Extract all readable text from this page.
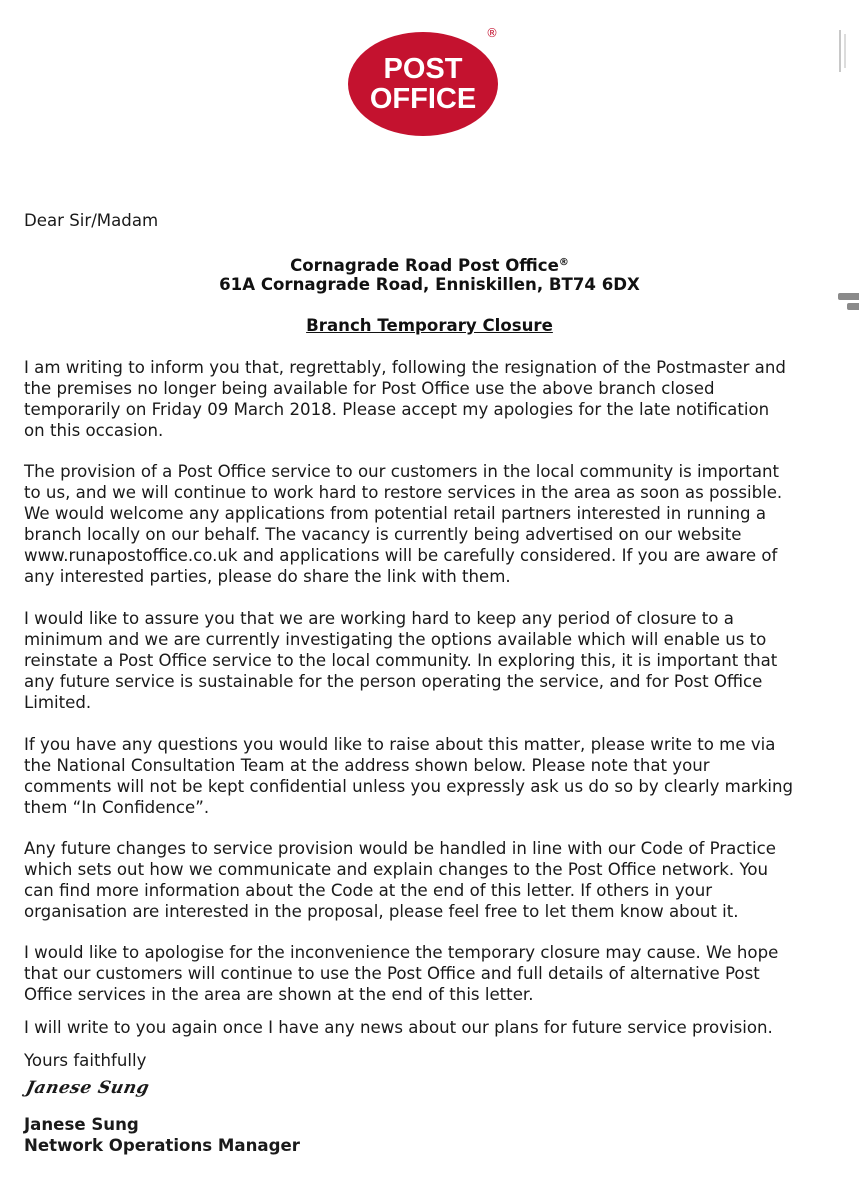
POST
OFFICE
®
Dear Sir/Madam
Cornagrade Road Post Office®
61A Cornagrade Road, Enniskillen, BT74 6DX
Branch Temporary Closure
I am writing to inform you that, regrettably, following the resignation of the Postmaster and
the premises no longer being available for Post Office use the above branch closed
temporarily on Friday 09 March 2018. Please accept my apologies for the late notification
on this occasion.
The provision of a Post Office service to our customers in the local community is important
to us, and we will continue to work hard to restore services in the area as soon as possible.
We would welcome any applications from potential retail partners interested in running a
branch locally on our behalf. The vacancy is currently being advertised on our website
www.runapostoffice.co.uk and applications will be carefully considered. If you are aware of
any interested parties, please do share the link with them.
I would like to assure you that we are working hard to keep any period of closure to a
minimum and we are currently investigating the options available which will enable us to
reinstate a Post Office service to the local community. In exploring this, it is important that
any future service is sustainable for the person operating the service, and for Post Office
Limited.
If you have any questions you would like to raise about this matter, please write to me via
the National Consultation Team at the address shown below. Please note that your
comments will not be kept confidential unless you expressly ask us do so by clearly marking
them “In Confidence”.
Any future changes to service provision would be handled in line with our Code of Practice
which sets out how we communicate and explain changes to the Post Office network. You
can find more information about the Code at the end of this letter. If others in your
organisation are interested in the proposal, please feel free to let them know about it.
I would like to apologise for the inconvenience the temporary closure may cause. We hope
that our customers will continue to use the Post Office and full details of alternative Post
Office services in the area are shown at the end of this letter.
I will write to you again once I have any news about our plans for future service provision.
Yours faithfully
Janese Sung
Janese Sung
Network Operations Manager
